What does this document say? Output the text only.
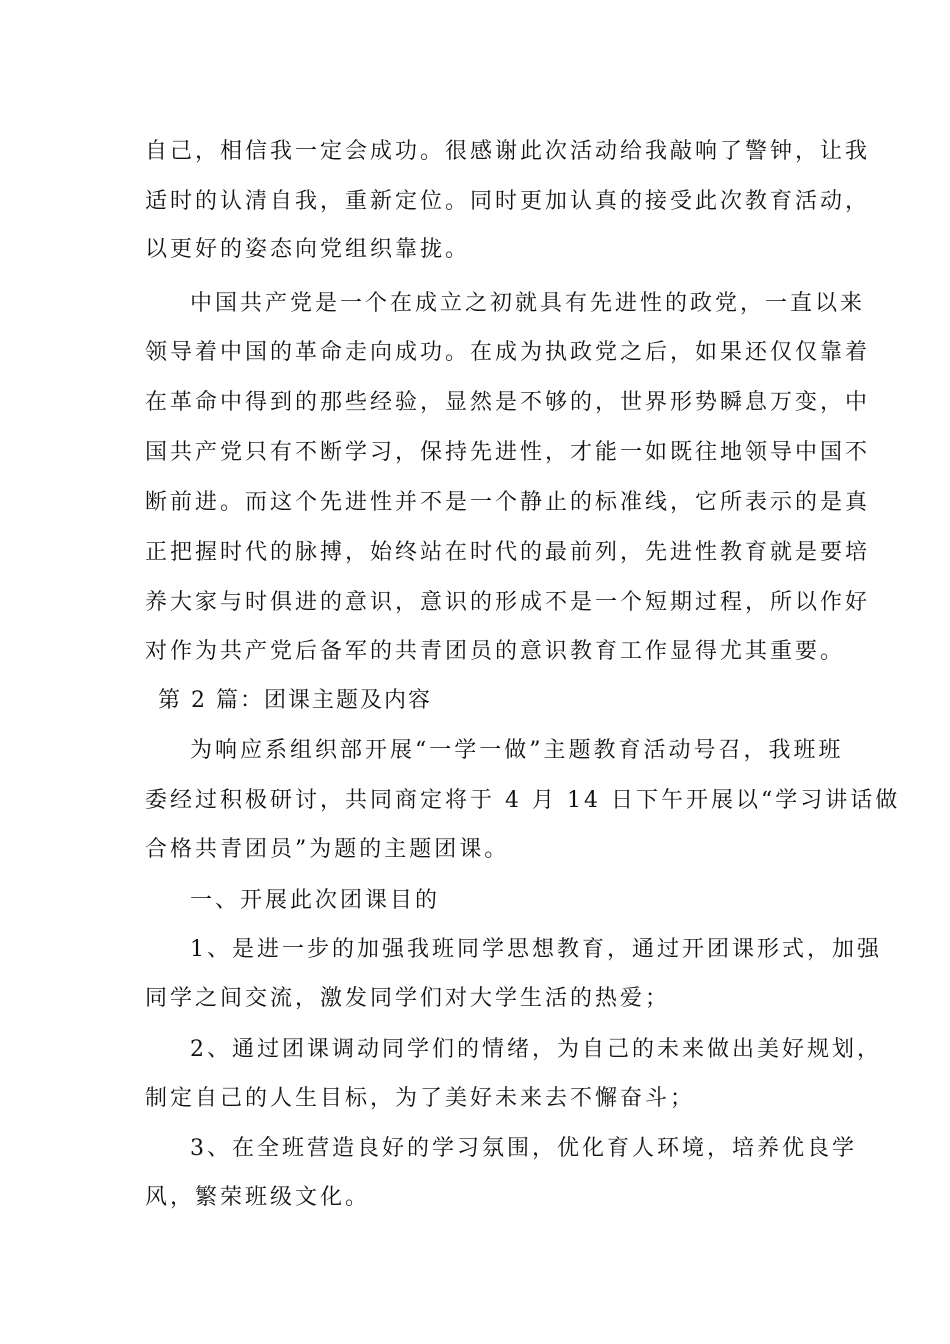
自己，相信我一定会成功。很感谢此次活动给我敲响了警钟，让我
适时的认清自我，重新定位。同时更加认真的接受此次教育活动，
以更好的姿态向党组织靠拢。
中国共产党是一个在成立之初就具有先进性的政党，一直以来
领导着中国的革命走向成功。在成为执政党之后，如果还仅仅靠着
在革命中得到的那些经验，显然是不够的，世界形势瞬息万变，中
国共产党只有不断学习，保持先进性，才能一如既往地领导中国不
断前进。而这个先进性并不是一个静止的标准线，它所表示的是真
正把握时代的脉搏，始终站在时代的最前列，先进性教育就是要培
养大家与时俱进的意识，意识的形成不是一个短期过程，所以作好
对作为共产党后备军的共青团员的意识教育工作显得尤其重要。
第 2 篇：团课主题及内容
为响应系组织部开展“一学一做”主题教育活动号召，我班班
委经过积极研讨，共同商定将于 4 月 14 日下午开展以“学习讲话做
合格共青团员”为题的主题团课。
一、开展此次团课目的
1、是进一步的加强我班同学思想教育，通过开团课形式，加强
同学之间交流，激发同学们对大学生活的热爱；
2、通过团课调动同学们的情绪，为自己的未来做出美好规划，
制定自己的人生目标，为了美好未来去不懈奋斗；
3、在全班营造良好的学习氛围，优化育人环境，培养优良学
风，繁荣班级文化。
